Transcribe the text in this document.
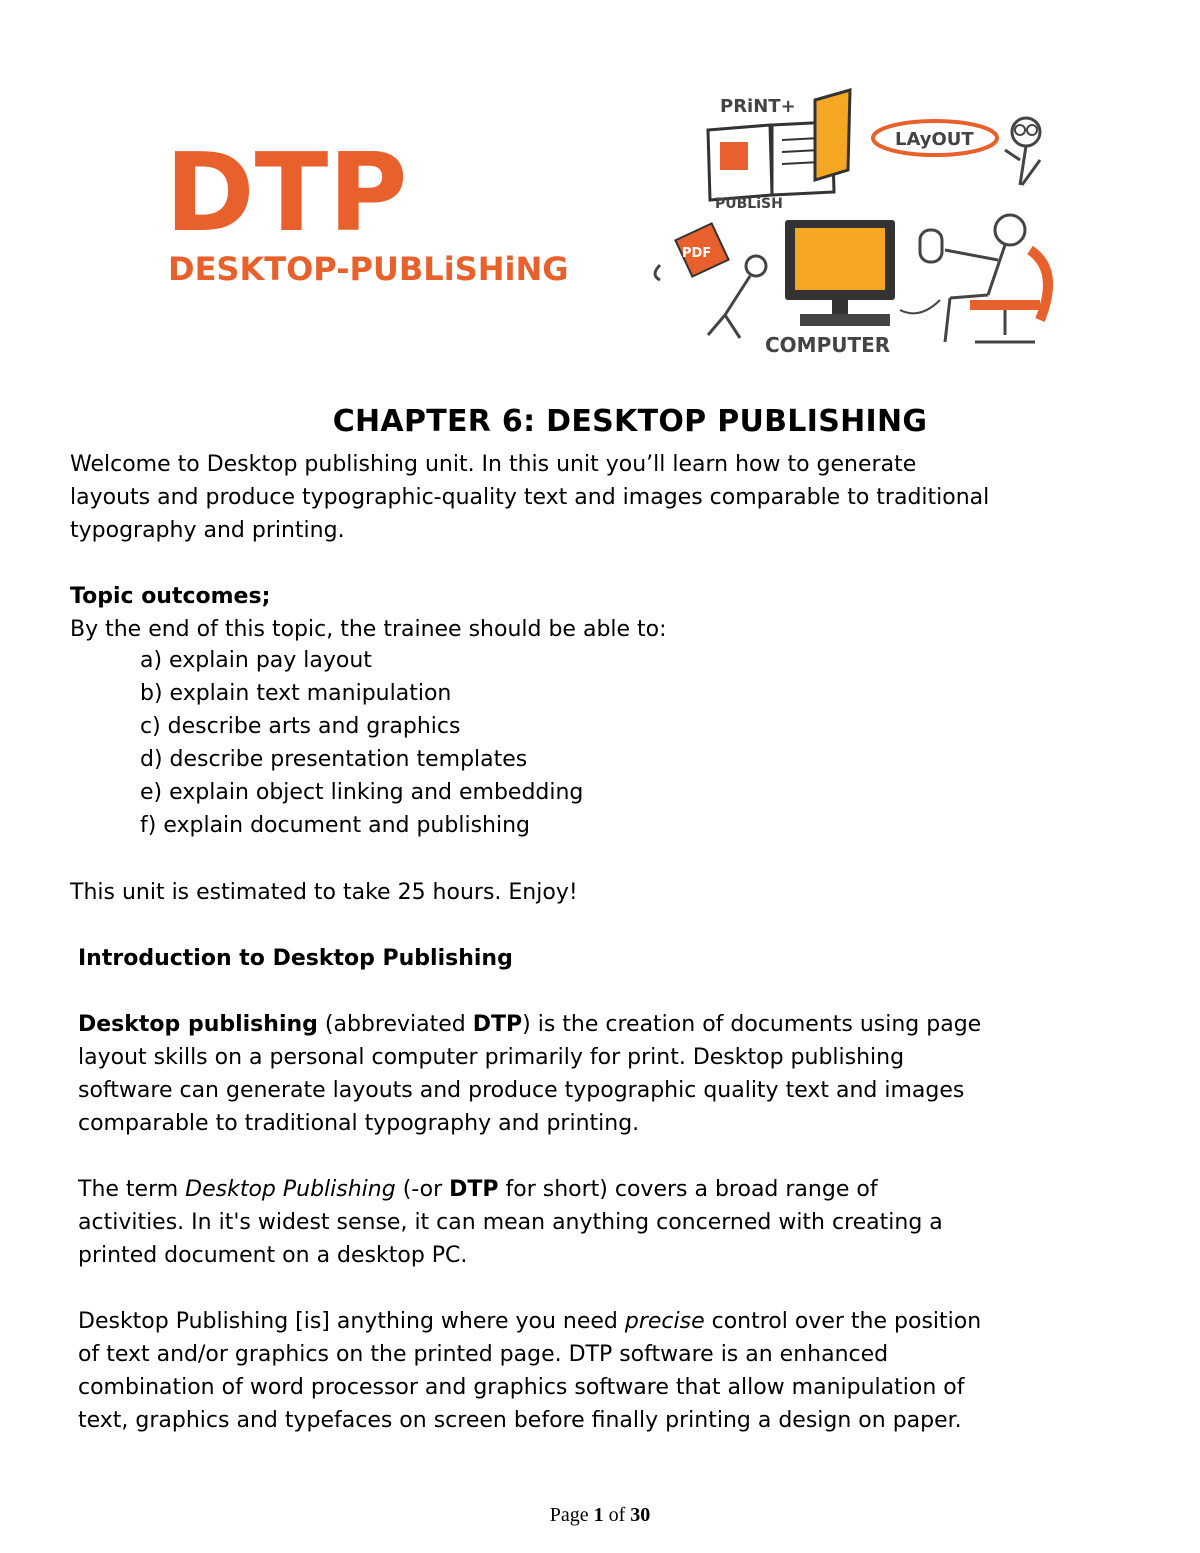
DTP
DESKTOP-PUBLiSHiNG
PRiNT+
PUBLiSH
LAyOUT
PDF
COMPUTER
CHAPTER 6: DESKTOP PUBLISHING
Welcome to Desktop publishing unit. In this unit you’ll learn how to generate
layouts and produce typographic-quality text and images comparable to traditional
typography and printing.
Topic outcomes;
By the end of this topic, the trainee should be able to:
a) explain pay layout
b) explain text manipulation
c) describe arts and graphics
d) describe presentation templates
e) explain object linking and embedding
f) explain document and publishing
This unit is estimated to take 25 hours. Enjoy!
Introduction to Desktop Publishing
Desktop publishing (abbreviated DTP) is the creation of documents using page
layout skills on a personal computer primarily for print. Desktop publishing
software can generate layouts and produce typographic quality text and images
comparable to traditional typography and printing.
The term Desktop Publishing (-or DTP for short) covers a broad range of
activities. In it's widest sense, it can mean anything concerned with creating a
printed document on a desktop PC.
Desktop Publishing [is] anything where you need precise control over the position
of text and/or graphics on the printed page. DTP software is an enhanced
combination of word processor and graphics software that allow manipulation of
text, graphics and typefaces on screen before finally printing a design on paper.
Page 1 of 30
